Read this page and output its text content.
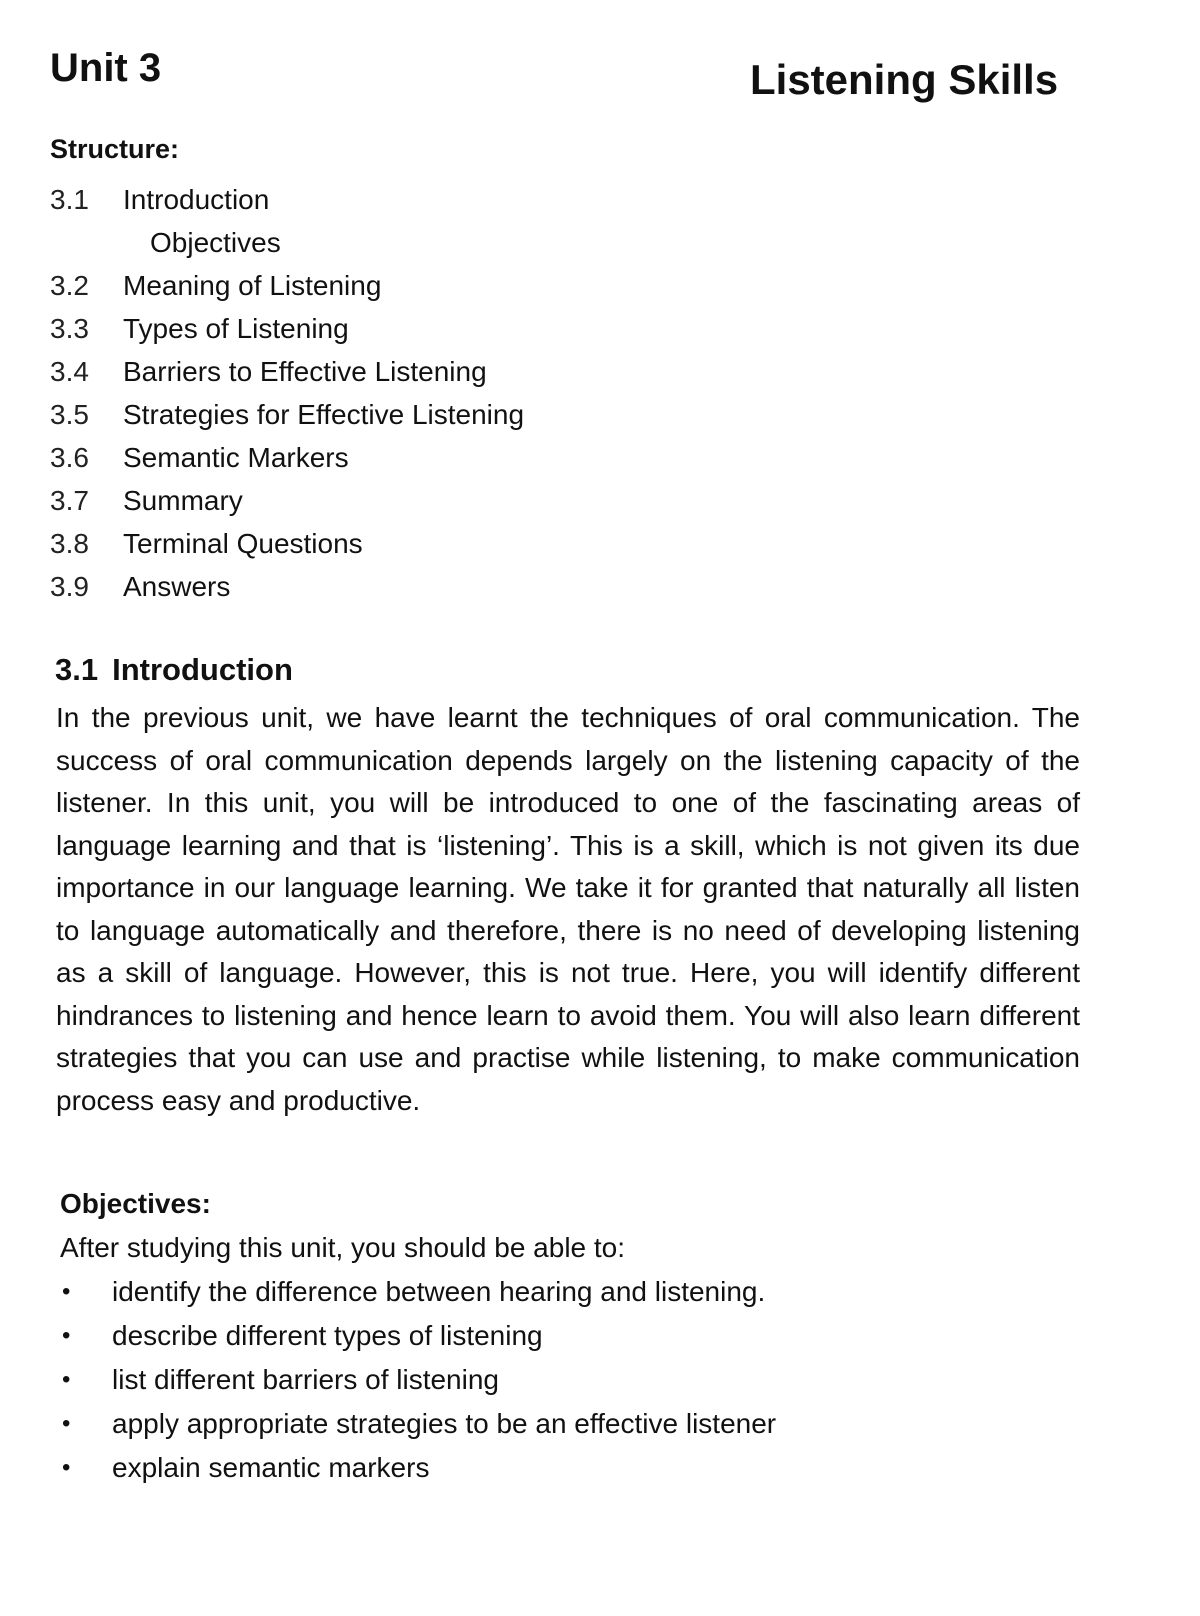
Unit 3	Listening Skills
Structure:
3.1	Introduction
Objectives
3.2	Meaning of Listening
3.3	Types of Listening
3.4	Barriers to Effective Listening
3.5	Strategies for Effective Listening
3.6	Semantic Markers
3.7	Summary
3.8	Terminal Questions
3.9	Answers
3.1 Introduction

In the previous unit, we have learnt the techniques of oral communication. The success of oral communication depends largely on the listening capacity of the listener. In this unit, you will be introduced to one of the fascinating areas of language learning and that is ‘listening’. This is a skill, which is not given its due importance in our language learning. We take it for granted that naturally all listen to language automatically and therefore, there is no need of developing listening as a skill of language. However, this is not true. Here, you will identify different hindrances to listening and hence learn to avoid them. You will also learn different strategies that you can use and practise while listening, to make communication process easy and productive.

Objectives:
After studying this unit, you should be able to:
•	identify the difference between hearing and listening.
•	describe different types of listening
•	list different barriers of listening
•	apply appropriate strategies to be an effective listener
•	explain semantic markers
